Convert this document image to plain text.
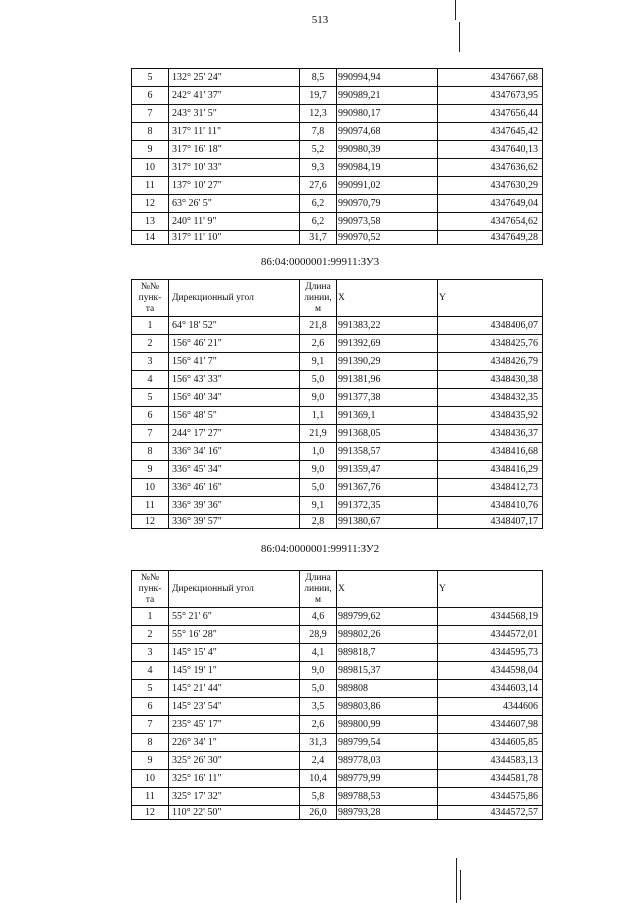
513
5	132° 25' 24"	8,5	990994,94	4347667,68
6	242° 41' 37"	19,7	990989,21	4347673,95
7	243° 31' 5"	12,3	990980,17	4347656,44
8	317° 11' 11"	7,8	990974,68	4347645,42
9	317° 16' 18"	5,2	990980,39	4347640,13
10	317° 10' 33"	9,3	990984,19	4347636,62
11	137° 10' 27"	27,6	990991,02	4347630,29
12	63° 26' 5"	6,2	990970,79	4347649,04
13	240° 11' 9"	6,2	990973,58	4347654,62
14	317° 11' 10"	31,7	990970,52	4347649,28
86:04:0000001:99911:ЗУ3
№№ пунк-та	Дирекционный угол	Длина линии, м	X	Y
1	64° 18' 52"	21,8	991383,22	4348406,07
2	156° 46' 21"	2,6	991392,69	4348425,76
3	156° 41' 7"	9,1	991390,29	4348426,79
4	156° 43' 33"	5,0	991381,96	4348430,38
5	156° 40' 34"	9,0	991377,38	4348432,35
6	156° 48' 5"	1,1	991369,1	4348435,92
7	244° 17' 27"	21,9	991368,05	4348436,37
8	336° 34' 16"	1,0	991358,57	4348416,68
9	336° 45' 34"	9,0	991359,47	4348416,29
10	336° 46' 16"	5,0	991367,76	4348412,73
11	336° 39' 36"	9,1	991372,35	4348410,76
12	336° 39' 57"	2,8	991380,67	4348407,17
86:04:0000001:99911:ЗУ2
№№ пунк-та	Дирекционный угол	Длина линии, м	X	Y
1	55° 21' 6"	4,6	989799,62	4344568,19
2	55° 16' 28"	28,9	989802,26	4344572,01
3	145° 15' 4"	4,1	989818,7	4344595,73
4	145° 19' 1"	9,0	989815,37	4344598,04
5	145° 21' 44"	5,0	989808	4344603,14
6	145° 23' 54"	3,5	989803,86	4344606
7	235° 45' 17"	2,6	989800,99	4344607,98
8	226° 34' 1"	31,3	989799,54	4344605,85
9	325° 26' 30"	2,4	989778,03	4344583,13
10	325° 16' 11"	10,4	989779,99	4344581,78
11	325° 17' 32"	5,8	989788,53	4344575,86
12	110° 22' 50"	26,0	989793,28	4344572,57
